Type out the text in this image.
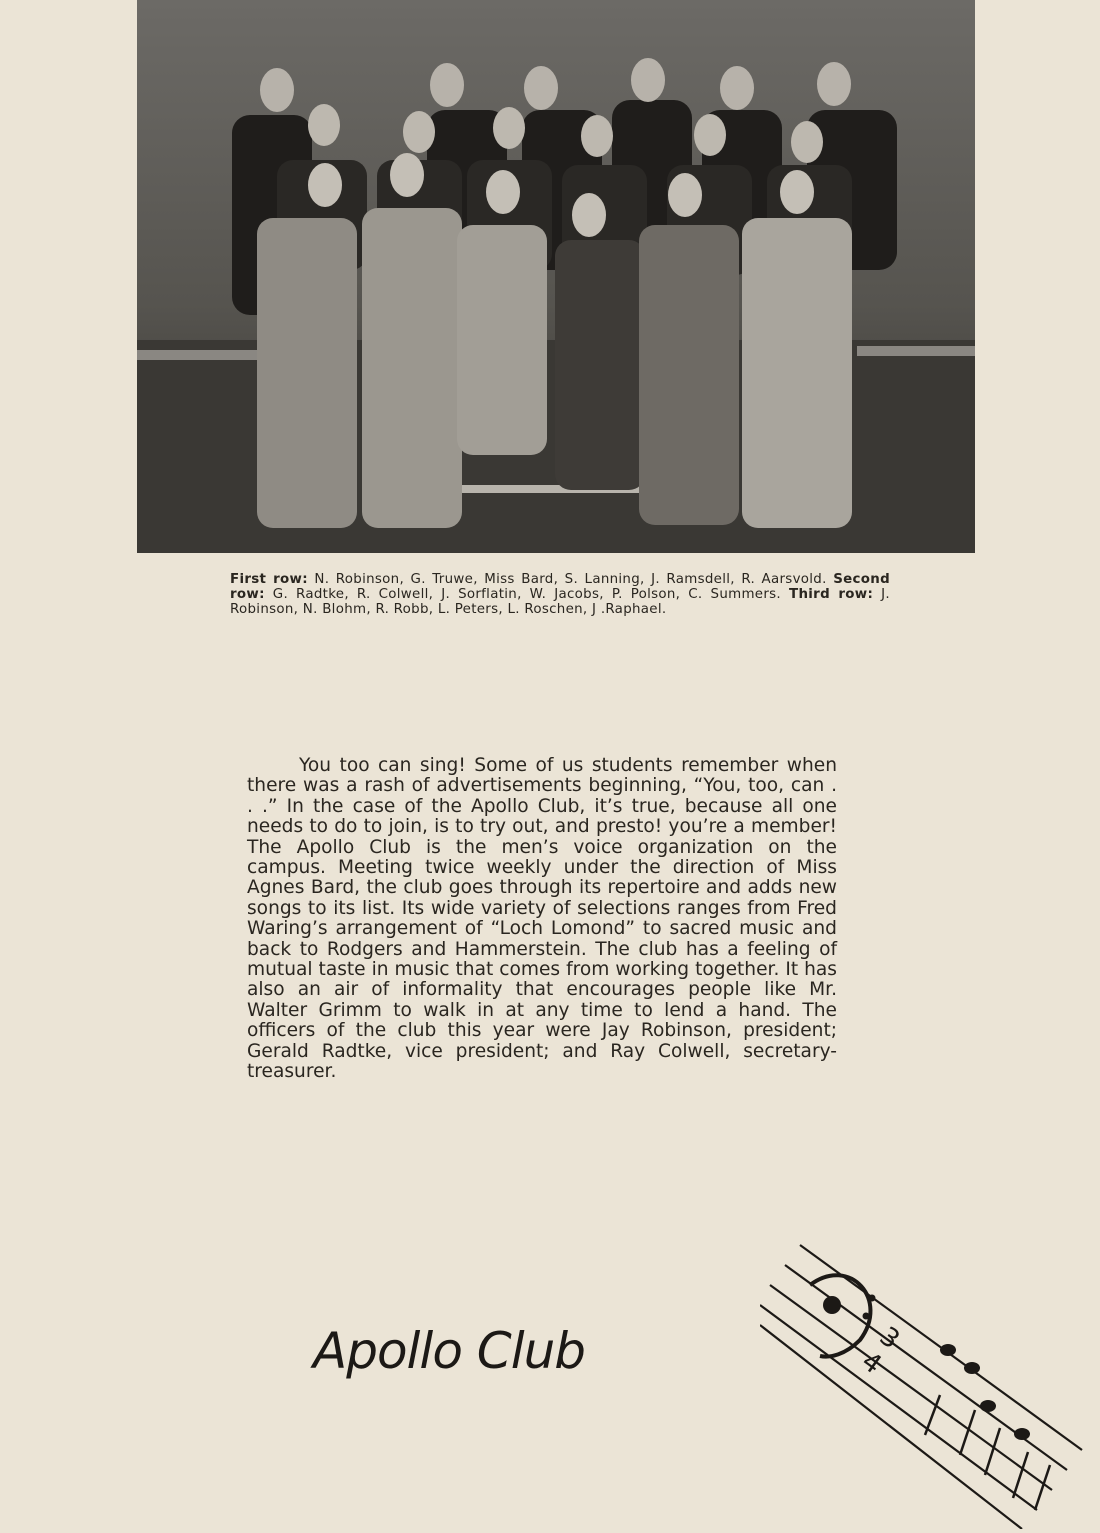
First row: N. Robinson, G. Truwe, Miss Bard, S. Lanning, J. Ramsdell, R. Aarsvold. Second row: G. Radtke, R. Colwell, J. Sorflatin, W. Jacobs, P. Polson, C. Summers. Third row: J. Robinson, N. Blohm, R. Robb, L. Peters, L. Roschen, J .Raphael.

You too can sing! Some of us students remember when there was a rash of advertisements beginning, “You, too, can . . .” In the case of the Apollo Club, it’s true, because all one needs to do to join, is to try out, and presto! you’re a member! The Apollo Club is the men’s voice organization on the campus. Meeting twice weekly under the direction of Miss Agnes Bard, the club goes through its repertoire and adds new songs to its list. Its wide variety of selections ranges from Fred Waring’s arrangement of “Loch Lomond” to sacred music and back to Rodgers and Hammerstein. The club has a feeling of mutual taste in music that comes from working together. It has also an air of informality that encourages people like Mr. Walter Grimm to walk in at any time to lend a hand. The officers of the club this year were Jay Robinson, president; Gerald Radtke, vice president; and Ray Colwell, secretary-treasurer.

Apollo Club	3
4
